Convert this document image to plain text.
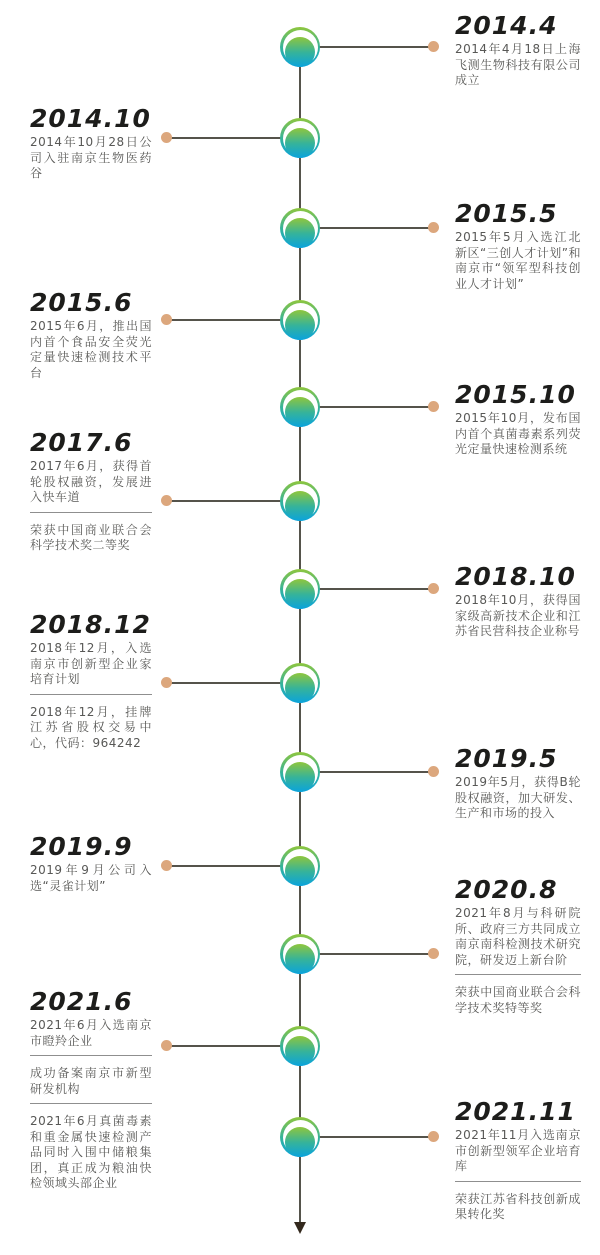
2014.4

2014年4月18日上海飞测生物科技有限公司成立

2014.10

2014年10月28日公司入驻南京生物医药谷

2015.5

2015年5月入选江北新区“三创人才计划”和南京市“领军型科技创业人才计划”

2015.6

2015年6月，推出国内首个食品安全荧光定量快速检测技术平台

2015.10

2015年10月，发布国内首个真菌毒素系列荧光定量快速检测系统

2017.6

2017年6月，获得首轮股权融资，发展进入快车道

荣获中国商业联合会科学技术奖二等奖

2018.10

2018年10月，获得国家级高新技术企业和江苏省民营科技企业称号

2018.12

2018年12月，入选南京市创新型企业家培育计划

2018年12月，挂牌江苏省股权交易中心，代码：964242

2019.5

2019年5月，获得B轮股权融资，加大研发、生产和市场的投入

2019.9

2019年9月公司入选“灵雀计划”	2020.8

2021年8月与科研院所、政府三方共同成立南京南科检测技术研究院，研发迈上新台阶

荣获中国商业联合会科学技术奖特等奖

2021.6

2021年6月入选南京市瞪羚企业

成功备案南京市新型研发机构

2021年6月真菌毒素和重金属快速检测产品同时入围中储粮集团，真正成为粮油快检领域头部企业

2021.11

2021年11月入选南京市创新型领军企业培育库

荣获江苏省科技创新成果转化奖
